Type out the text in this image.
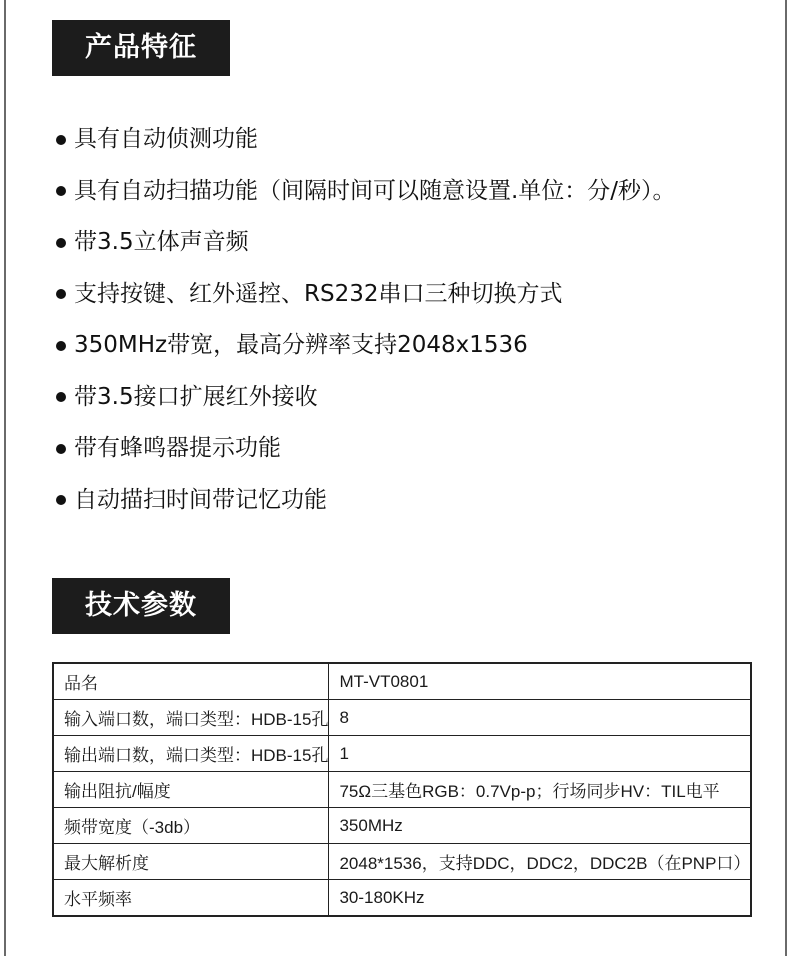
产品特征
具有自动侦测功能
具有自动扫描功能（间隔时间可以随意设置.单位：分/秒）。
带3.5立体声音频
支持按键、红外遥控、RS232串口三种切换方式
350MHz带宽，最高分辨率支持2048x1536
带3.5接口扩展红外接收
带有蜂鸣器提示功能
自动描扫时间带记忆功能
技术参数
品名	MT-VT0801
输入端口数，端口类型：HDB-15孔	8
输出端口数，端口类型：HDB-15孔	1
输出阻抗/幅度	75Ω三基色RGB：0.7Vp-p；行场同步HV：TIL电平
频带宽度（-3db）	350MHz
最大解析度	2048*1536，支持DDC，DDC2，DDC2B（在PNP口）
水平频率	30-180KHz
